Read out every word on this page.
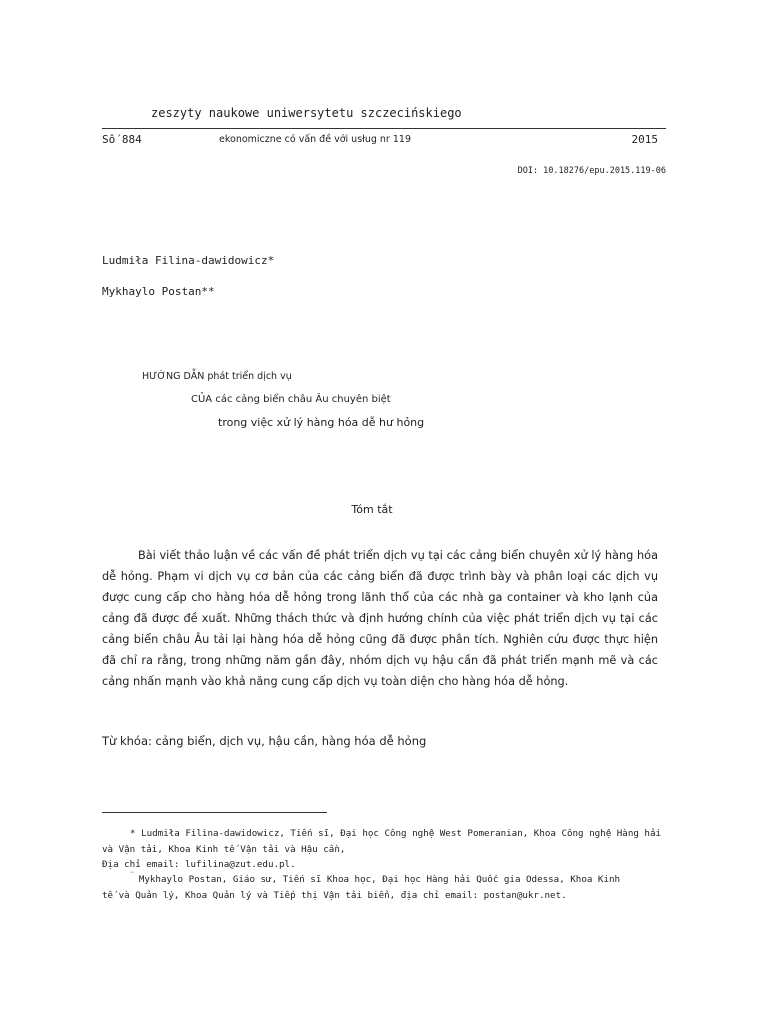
zeszyty naukowe uniwersytetu szczecińskiego
Số 884	ekonomiczne có vấn đề với usług nr 119	2015
DOI: 10.18276/epu.2015.119-06
Ludmiła Filina-dawidowicz*
Mykhaylo Postan**
HƯỚNG DẪN phát triển dịch vụ
CỦA các cảng biển châu Âu chuyên biệt
trong việc xử lý hàng hóa dễ hư hỏng
Tóm tắt

Bài viết thảo luận về các vấn đề phát triển dịch vụ tại các cảng biển chuyên xử lý hàng hóa dễ hỏng. Phạm vi dịch vụ cơ bản của các cảng biển đã được trình bày và phân loại các dịch vụ được cung cấp cho hàng hóa dễ hỏng trong lãnh thổ của các nhà ga container và kho lạnh của cảng đã được đề xuất. Những thách thức và định hướng chính của việc phát triển dịch vụ tại các cảng biển châu Âu tải lại hàng hóa dễ hỏng cũng đã được phân tích. Nghiên cứu được thực hiện đã chỉ ra rằng, trong những năm gần đây, nhóm dịch vụ hậu cần đã phát triển mạnh mẽ và các cảng nhấn mạnh vào khả năng cung cấp dịch vụ toàn diện cho hàng hóa dễ hỏng.

Từ khóa: cảng biển, dịch vụ, hậu cần, hàng hóa dễ hỏng
* Ludmiła Filina-dawidowicz, Tiến sĩ, Đại học Công nghệ West Pomeranian, Khoa Công nghệ Hàng hải
và Vận tải, Khoa Kinh tế Vận tải và Hậu cần,
Địa chỉ email: lufilina@zut.edu.pl.
¨ Mykhaylo Postan, Giáo sư, Tiến sĩ Khoa học, Đại học Hàng hải Quốc gia Odessa, Khoa Kinh
tế và Quản lý, Khoa Quản lý và Tiếp thị Vận tải biển, địa chỉ email: postan@ukr.net.
